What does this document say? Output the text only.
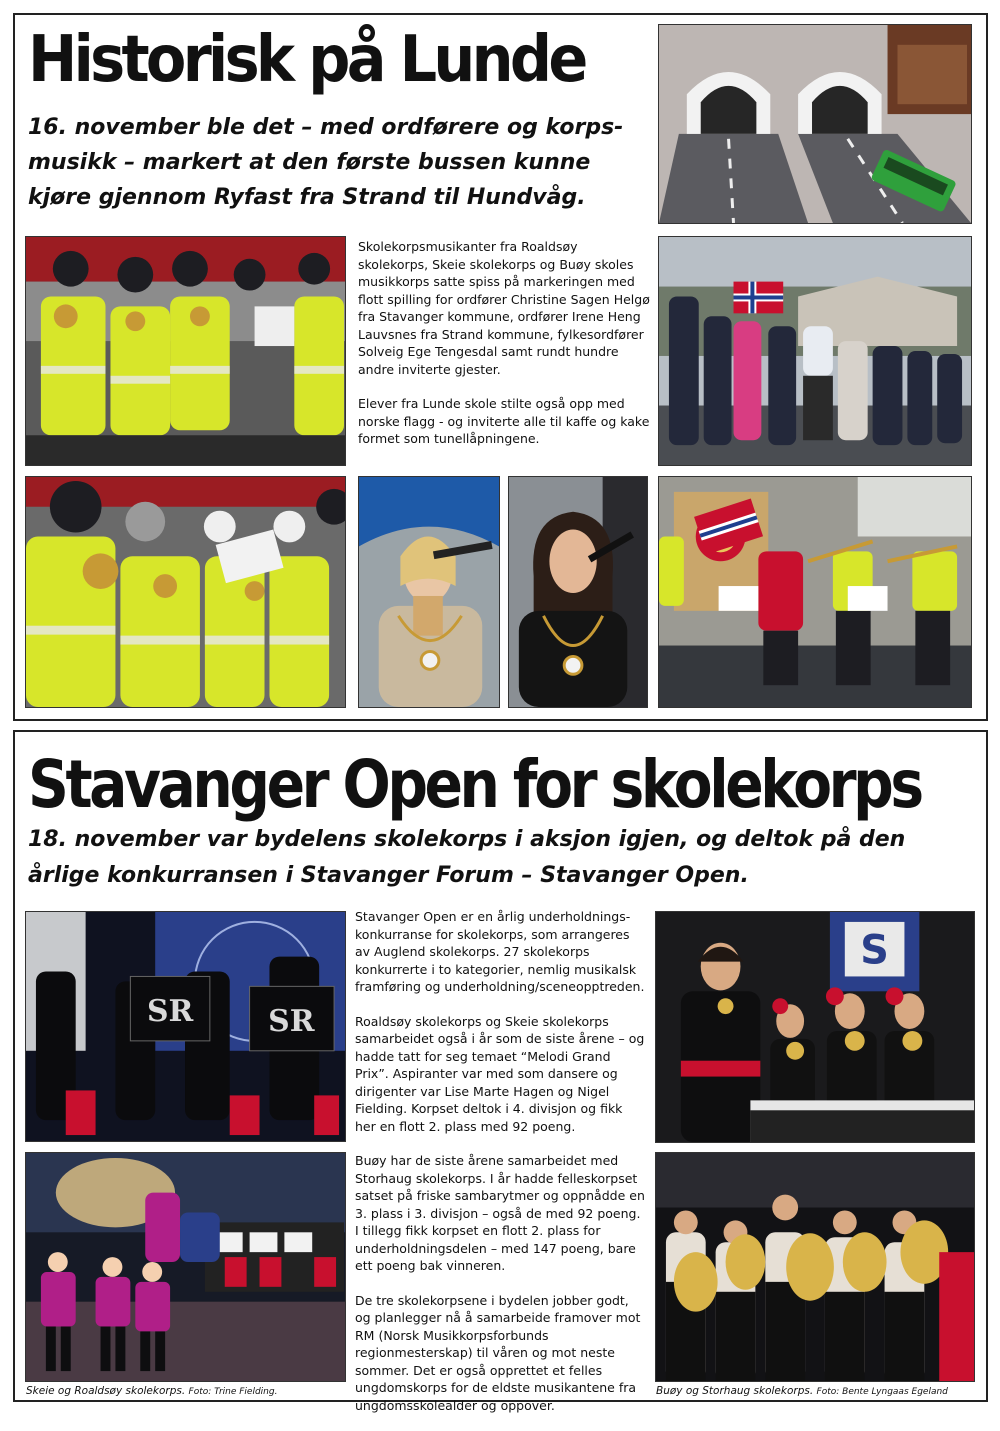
Historisk på Lunde

16. november ble det – med ordførere og korps-musikk – markert at den første bussen kunne kjøre gjennom Ryfast fra Strand til Hundvåg.

Skolekorpsmusikanter fra Roaldsøy skolekorps, Skeie skolekorps og Buøy skoles musikkorps satte spiss på markeringen med flott spilling for ordfører Christine Sagen Helgø fra Stavanger kommune, ordfører Irene Heng Lauvsnes fra Strand kommune, fylkesordfører Solveig Ege Tengesdal samt rundt hundre andre inviterte gjester.

Elever fra Lunde skole stilte også opp med norske flagg - og inviterte alle til kaffe og kake formet som tunellåpningene.

Stavanger Open for skolekorps

18. november var bydelens skolekorps i aksjon igjen, og deltok på den årlige konkurransen i Stavanger Forum – Stavanger Open.

SR SR

Stavanger Open er en årlig underholdnings-konkurranse for skolekorps, som arrangeres av Auglend skolekorps. 27 skolekorps konkurrerte i to kategorier, nemlig musikalsk framføring og underholdning/sceneopptreden.

Roaldsøy skolekorps og Skeie skolekorps samarbeidet også i år som de siste årene – og hadde tatt for seg temaet “Melodi Grand Prix”. Aspiranter var med som dansere og dirigenter var Lise Marte Hagen og Nigel Fielding. Korpset deltok i 4. divisjon og fikk her en flott 2. plass med 92 poeng.

Buøy har de siste årene samarbeidet med Storhaug skolekorps. I år hadde felleskorpset satset på friske sambarytmer og oppnådde en 3. plass i 3. divisjon – også de med 92 poeng. I tillegg fikk korpset en flott 2. plass for underholdningsdelen – med 147 poeng, bare ett poeng bak vinneren.

De tre skolekorpsene i bydelen jobber godt, og planlegger nå å samarbeide framover mot RM (Norsk Musikkorpsforbunds regionmesterskap) til våren og mot neste sommer. Det er også opprettet et felles ungdomskorps for de eldste musikantene fra ungdomsskolealder og oppover.

S
Skeie og Roaldsøy skolekorps. Foto: Trine Fielding.	Buøy og Storhaug skolekorps. Foto: Bente Lyngaas Egeland
